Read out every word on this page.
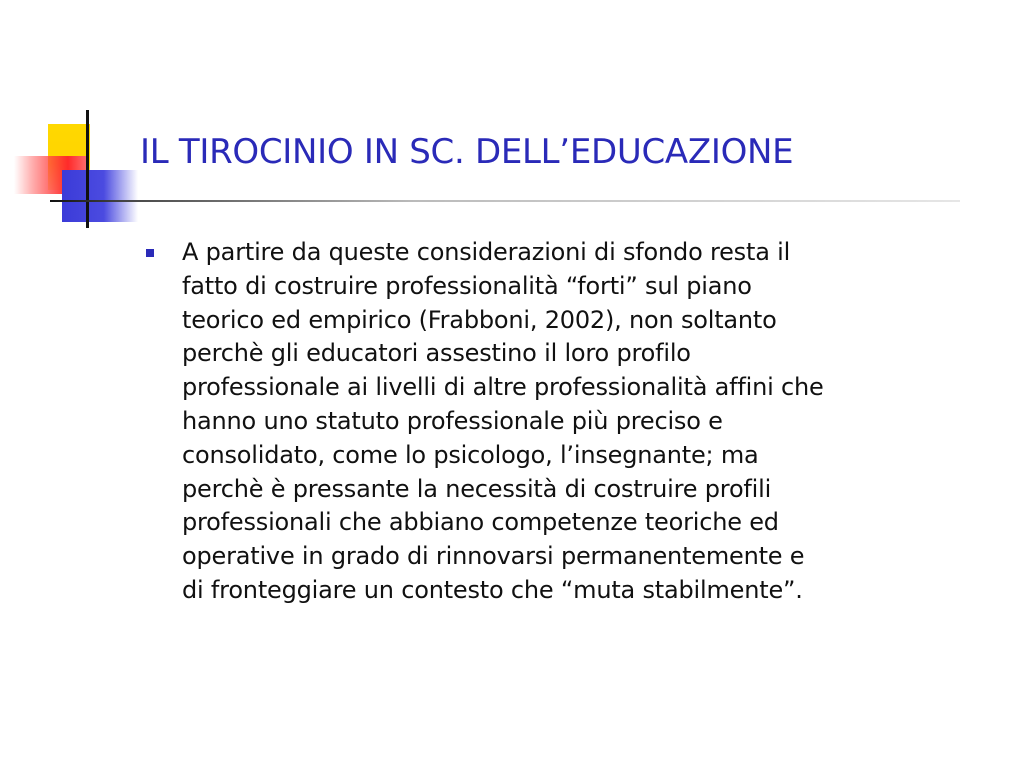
IL TIROCINIO IN SC. DELL’EDUCAZIONE
A partire da queste considerazioni di sfondo resta il
fatto di costruire professionalità “forti” sul piano
teorico ed empirico (Frabboni, 2002), non soltanto
perchè gli educatori assestino il loro profilo
professionale ai livelli di altre professionalità affini che
hanno uno statuto professionale più preciso e
consolidato, come lo psicologo, l’insegnante; ma
perchè è pressante la necessità di costruire profili
professionali che abbiano competenze teoriche ed
operative in grado di rinnovarsi permanentemente e
di fronteggiare un contesto che “muta stabilmente”.
